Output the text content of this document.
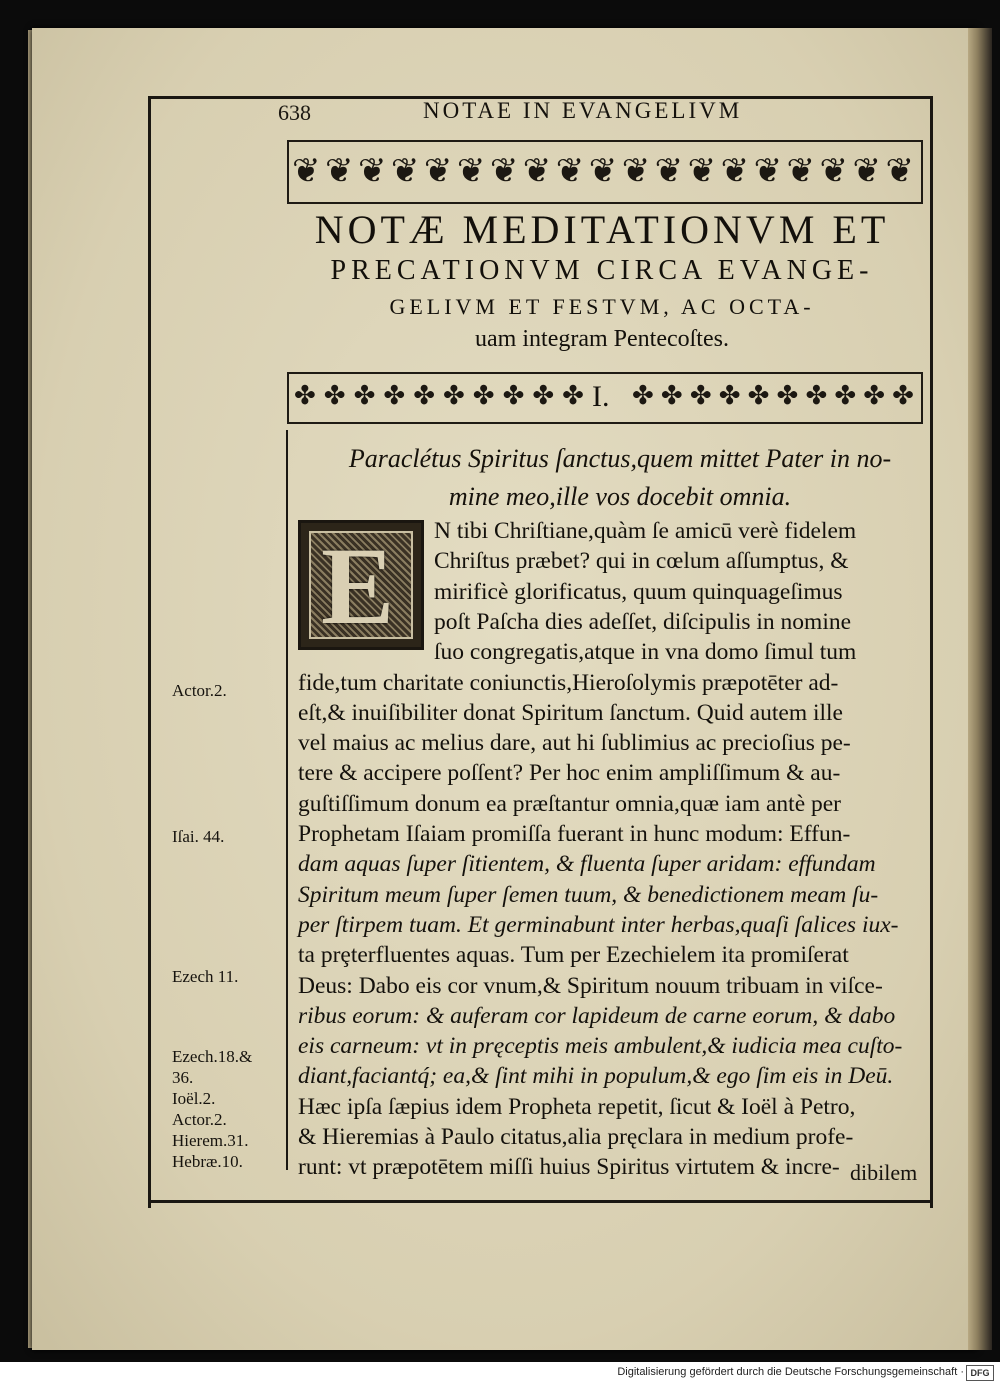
638	NOTAE IN EVANGELIVM
❦ ❦ ❦ ❦ ❦ ❦ ❦ ❦ ❦ ❦ ❦ ❦ ❦ ❦ ❦ ❦ ❦ ❦ ❦
NOTÆ MEDITATIONVM ET
PRECATIONVM CIRCA EVANGE-
GELIVM ET FESTVM, AC OCTA-
uam integram Pentecoſtes.
✤ ✤ ✤ ✤ ✤ ✤ ✤ ✤ ✤ ✤ I. ✤ ✤ ✤ ✤ ✤ ✤ ✤ ✤ ✤ ✤
Paraclétus Spiritus ſanctus,quem mittet Pater in no-
mine meo,ille vos docebit omnia.
E N tibi Chriſtiane,quàm ſe amicū verè fidelem
Chriſtus præbet? qui in cœlum aſſumptus, &
mirificè glorificatus, quum quinquageſimus
poſt Paſcha dies adeſſet, diſcipulis in nomine
ſuo congregatis,atque in vna domo ſimul tum
fide,tum charitate coniunctis,Hieroſolymis præpotēter ad-
eſt,& inuiſibiliter donat Spiritum ſanctum. Quid autem ille
vel maius ac melius dare, aut hi ſublimius ac precioſius pe-
tere & accipere poſſent? Per hoc enim ampliſſimum & au-
guſtiſſimum donum ea præſtantur omnia,quæ iam antè per
Prophetam Iſaiam promiſſa fuerant in hunc modum: Effun-
dam aquas ſuper ſitientem, & fluenta ſuper aridam: effundam
Spiritum meum ſuper ſemen tuum, & benedictionem meam ſu-
per ſtirpem tuam. Et germinabunt inter herbas,quaſi ſalices iux-
ta prȩterfluentes aquas. Tum per Ezechielem ita promiſerat
Deus: Dabo eis cor vnum,& Spiritum nouum tribuam in viſce-
ribus eorum: & auferam cor lapideum de carne eorum, & dabo
eis carneum: vt in pręceptis meis ambulent,& iudicia mea cuſto-
diant,faciantq́; ea,& ſint mihi in populum,& ego ſim eis in Deū.
Hæc ipſa ſæpius idem Propheta repetit, ſicut & Ioël à Petro,
& Hieremias à Paulo citatus,alia pręclara in medium profe-
runt: vt præpotētem miſſi huius Spiritus virtutem & incre- dibilem
Actor.2.
Iſai. 44.
Ezech 11.
Ezech.18.&
36.
Ioël.2.
Actor.2.
Hierem.31.
Hebræ.10.
Digitalisierung gefördert durch die Deutsche Forschungsgemeinschaft · DFG
